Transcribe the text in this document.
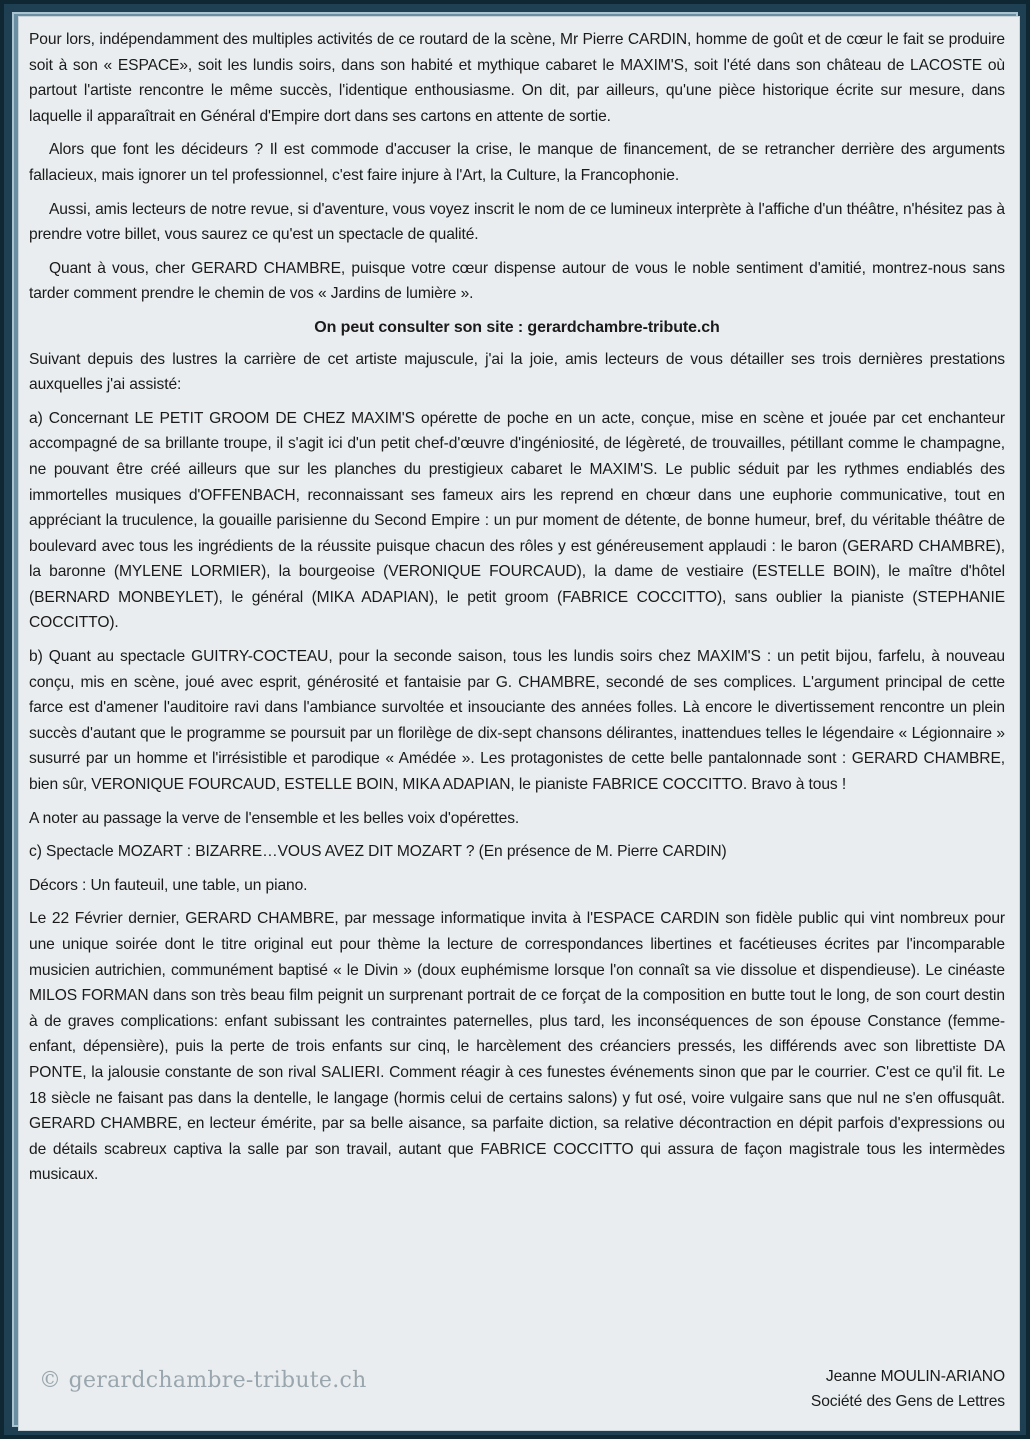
Pour lors, indépendamment des multiples activités de ce routard de la scène, Mr Pierre CARDIN, homme de goût et de cœur le fait se produire soit à son « ESPACE», soit les lundis soirs, dans son habité et mythique cabaret le MAXIM'S, soit l'été dans son château de LACOSTE où partout l'artiste rencontre le même succès, l'identique enthousiasme. On dit, par ailleurs, qu'une pièce historique écrite sur mesure, dans laquelle il apparaîtrait en Général d'Empire dort dans ses cartons en attente de sortie.

Alors que font les décideurs ? Il est commode d'accuser la crise, le manque de financement, de se retrancher derrière des arguments fallacieux, mais ignorer un tel professionnel, c'est faire injure à l'Art, la Culture, la Francophonie.

Aussi, amis lecteurs de notre revue, si d'aventure, vous voyez inscrit le nom de ce lumineux interprète à l'affiche d'un théâtre, n'hésitez pas à prendre votre billet, vous saurez ce qu'est un spectacle de qualité.

Quant à vous, cher GERARD CHAMBRE, puisque votre cœur dispense autour de vous le noble sentiment d'amitié, montrez-nous sans tarder comment prendre le chemin de vos « Jardins de lumière ».

On peut consulter son site : gerardchambre-tribute.ch

Suivant depuis des lustres la carrière de cet artiste majuscule, j'ai la joie, amis lecteurs de vous détailler ses trois dernières prestations auxquelles j'ai assisté:

a) Concernant LE PETIT GROOM DE CHEZ MAXIM'S opérette de poche en un acte, conçue, mise en scène et jouée par cet enchanteur accompagné de sa brillante troupe, il s'agit ici d'un petit chef-d'œuvre d'ingéniosité, de légèreté, de trouvailles, pétillant comme le champagne, ne pouvant être créé ailleurs que sur les planches du prestigieux cabaret le MAXIM'S. Le public séduit par les rythmes endiablés des immortelles musiques d'OFFENBACH, reconnaissant ses fameux airs les reprend en chœur dans une euphorie communicative, tout en appréciant la truculence, la gouaille parisienne du Second Empire : un pur moment de détente, de bonne humeur, bref, du véritable théâtre de boulevard avec tous les ingrédients de la réussite puisque chacun des rôles y est généreusement applaudi : le baron (GERARD CHAMBRE), la baronne (MYLENE LORMIER), la bourgeoise (VERONIQUE FOURCAUD), la dame de vestiaire (ESTELLE BOIN), le maître d'hôtel (BERNARD MONBEYLET), le général (MIKA ADAPIAN), le petit groom (FABRICE COCCITTO), sans oublier la pianiste (STEPHANIE COCCITTO).

b) Quant au spectacle GUITRY-COCTEAU, pour la seconde saison, tous les lundis soirs chez MAXIM'S : un petit bijou, farfelu, à nouveau conçu, mis en scène, joué avec esprit, générosité et fantaisie par G. CHAMBRE, secondé de ses complices. L'argument principal de cette farce est d'amener l'auditoire ravi dans l'ambiance survoltée et insouciante des années folles. Là encore le divertissement rencontre un plein succès d'autant que le programme se poursuit par un florilège de dix-sept chansons délirantes, inattendues telles le légendaire « Légionnaire » susurré par un homme et l'irrésistible et parodique « Amédée ». Les protagonistes de cette belle pantalonnade sont : GERARD CHAMBRE, bien sûr, VERONIQUE FOURCAUD, ESTELLE BOIN, MIKA ADAPIAN, le pianiste FABRICE COCCITTO. Bravo à tous !

A noter au passage la verve de l'ensemble et les belles voix d'opérettes.

c) Spectacle MOZART : BIZARRE…VOUS AVEZ DIT MOZART ? (En présence de M. Pierre CARDIN)

Décors : Un fauteuil, une table, un piano.

Le 22 Février dernier, GERARD CHAMBRE, par message informatique invita à l'ESPACE CARDIN son fidèle public qui vint nombreux pour une unique soirée dont le titre original eut pour thème la lecture de correspondances libertines et facétieuses écrites par l'incomparable musicien autrichien, communément baptisé « le Divin » (doux euphémisme lorsque l'on connaît sa vie dissolue et dispendieuse). Le cinéaste MILOS FORMAN dans son très beau film peignit un surprenant portrait de ce forçat de la composition en butte tout le long, de son court destin à de graves complications: enfant subissant les contraintes paternelles, plus tard, les inconséquences de son épouse Constance (femme-enfant, dépensière), puis la perte de trois enfants sur cinq, le harcèlement des créanciers pressés, les différends avec son librettiste DA PONTE, la jalousie constante de son rival SALIERI. Comment réagir à ces funestes événements sinon que par le courrier. C'est ce qu'il fit. Le 18 siècle ne faisant pas dans la dentelle, le langage (hormis celui de certains salons) y fut osé, voire vulgaire sans que nul ne s'en offusquât. GERARD CHAMBRE, en lecteur émérite, par sa belle aisance, sa parfaite diction, sa relative décontraction en dépit parfois d'expressions ou de détails scabreux captiva la salle par son travail, autant que FABRICE COCCITTO qui assura de façon magistrale tous les intermèdes musicaux.

© gerardchambre-tribute.ch	Jeanne MOULIN-ARIANO
Société des Gens de Lettres
